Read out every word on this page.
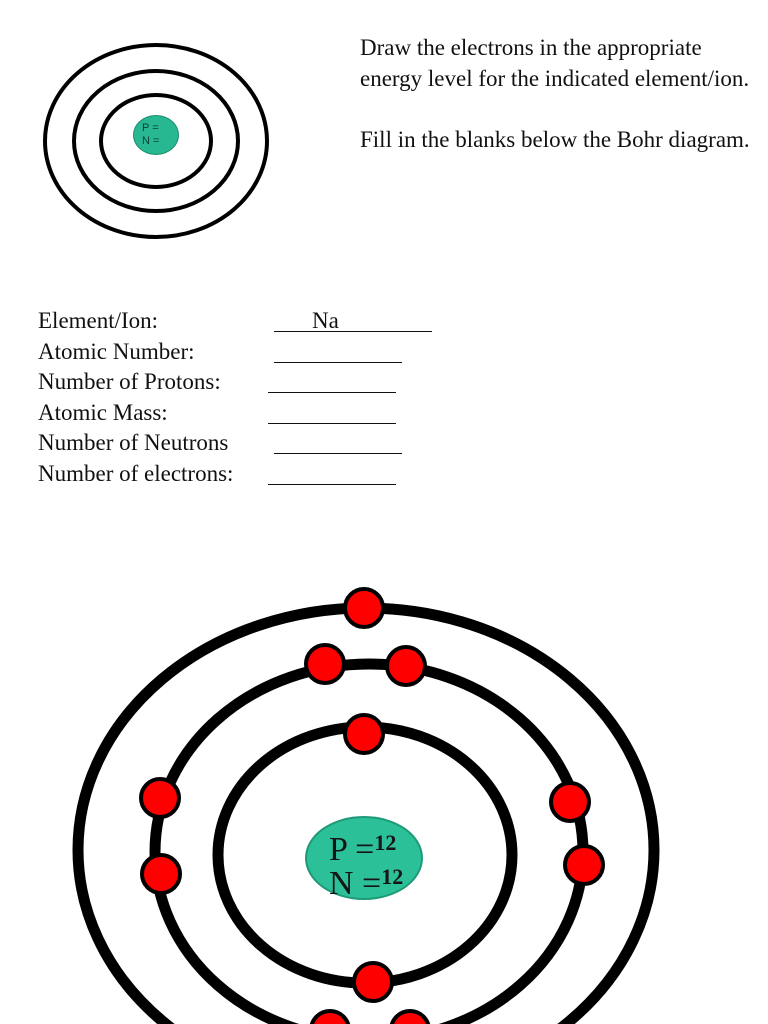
P =
N =

Draw the electrons in the appropriate energy level for the indicated element/ion.

Fill in the blanks below the Bohr diagram.

Element/Ion:	Na
Atomic Number:
Number of Protons:
Atomic Mass:
Number of Neutrons
Number of electrons:
P =$^{12}$
N =$^{12}$
